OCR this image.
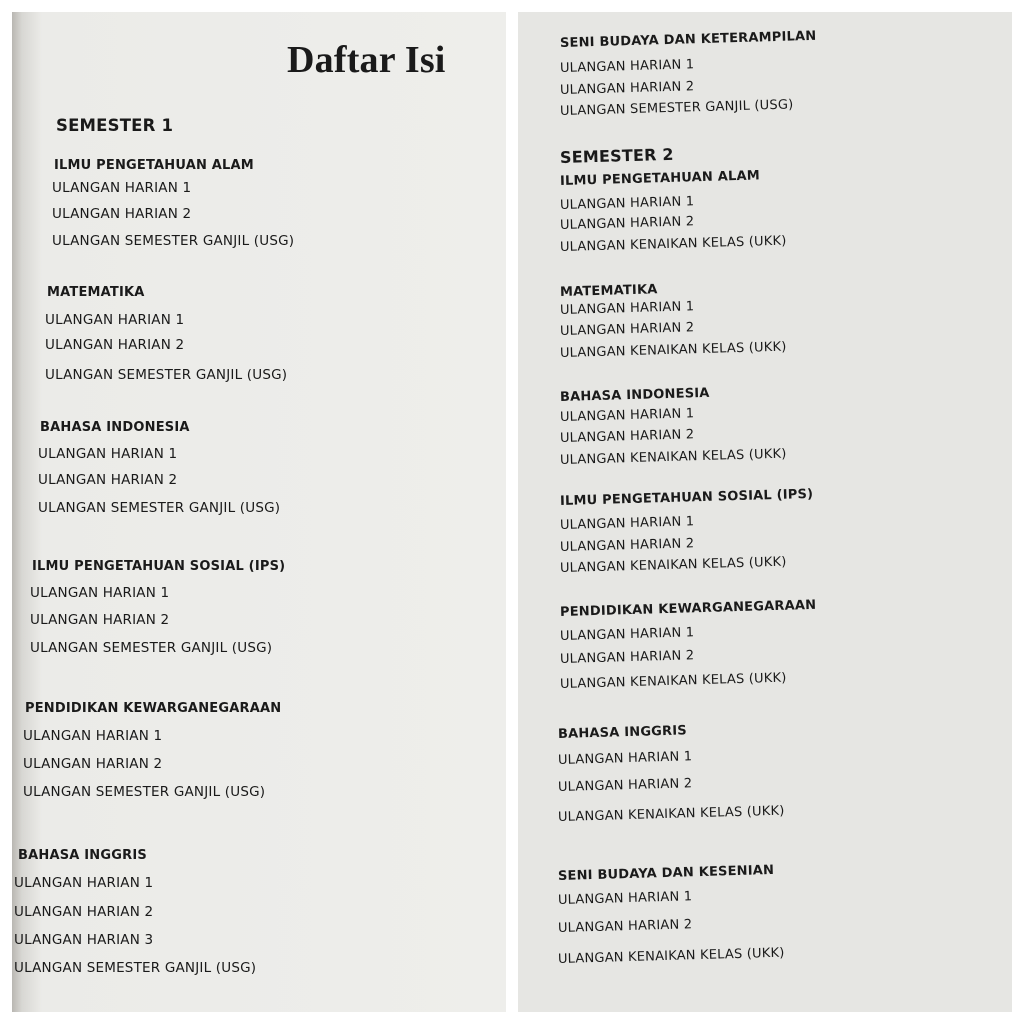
Daftar Isi
SEMESTER 1
ILMU PENGETAHUAN ALAM
ULANGAN HARIAN 1
ULANGAN HARIAN 2
ULANGAN SEMESTER GANJIL (USG)
MATEMATIKA
ULANGAN HARIAN 1
ULANGAN HARIAN 2
ULANGAN SEMESTER GANJIL (USG)
BAHASA INDONESIA
ULANGAN HARIAN 1
ULANGAN HARIAN 2
ULANGAN SEMESTER GANJIL (USG)
ILMU PENGETAHUAN SOSIAL (IPS)
ULANGAN HARIAN 1
ULANGAN HARIAN 2
ULANGAN SEMESTER GANJIL (USG)
PENDIDIKAN KEWARGANEGARAAN
ULANGAN HARIAN 1
ULANGAN HARIAN 2
ULANGAN SEMESTER GANJIL (USG)
BAHASA INGGRIS
ULANGAN HARIAN 1
ULANGAN HARIAN 2
ULANGAN HARIAN 3
ULANGAN SEMESTER GANJIL (USG)
SEMESTER 2
SENI BUDAYA DAN KETERAMPILAN
ULANGAN HARIAN 1
ULANGAN HARIAN 2
ULANGAN SEMESTER GANJIL (USG)
ILMU PENGETAHUAN ALAM
ULANGAN HARIAN 1
ULANGAN HARIAN 2
ULANGAN KENAIKAN KELAS (UKK)
MATEMATIKA
ULANGAN HARIAN 1
ULANGAN HARIAN 2
ULANGAN KENAIKAN KELAS (UKK)
BAHASA INDONESIA
ULANGAN HARIAN 1
ULANGAN HARIAN 2
ULANGAN KENAIKAN KELAS (UKK)
ILMU PENGETAHUAN SOSIAL (IPS)
ULANGAN HARIAN 1
ULANGAN HARIAN 2
ULANGAN KENAIKAN KELAS (UKK)
PENDIDIKAN KEWARGANEGARAAN
ULANGAN HARIAN 1
ULANGAN HARIAN 2
ULANGAN KENAIKAN KELAS (UKK)
BAHASA INGGRIS
ULANGAN HARIAN 1
ULANGAN HARIAN 2
ULANGAN KENAIKAN KELAS (UKK)
SENI BUDAYA DAN KESENIAN
ULANGAN HARIAN 1
ULANGAN HARIAN 2
ULANGAN KENAIKAN KELAS (UKK)
